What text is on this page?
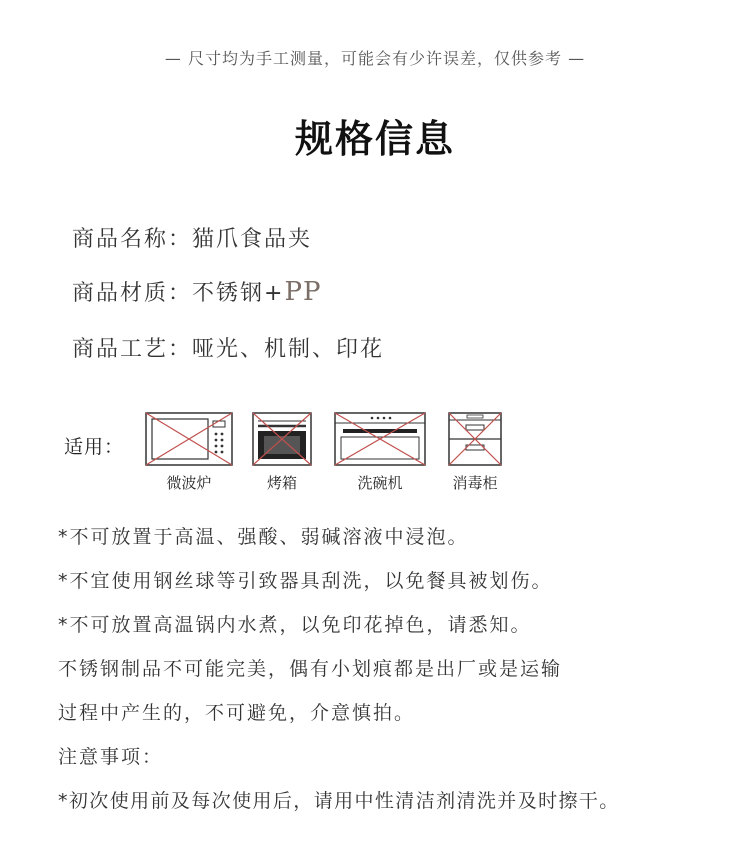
— 尺寸均为手工测量，可能会有少许误差，仅供参考 —
规格信息
商品名称：猫爪食品夹
商品材质：不锈钢+PP
商品工艺：哑光、机制、印花
适用：
微波炉	烤箱	洗碗机	消毒柜
*不可放置于高温、强酸、弱碱溶液中浸泡。
*不宜使用钢丝球等引致器具刮洗，以免餐具被划伤。
*不可放置高温锅内水煮，以免印花掉色，请悉知。
不锈钢制品不可能完美，偶有小划痕都是出厂或是运输
过程中产生的，不可避免，介意慎拍。
注意事项：
*初次使用前及每次使用后，请用中性清洁剂清洗并及时擦干。
